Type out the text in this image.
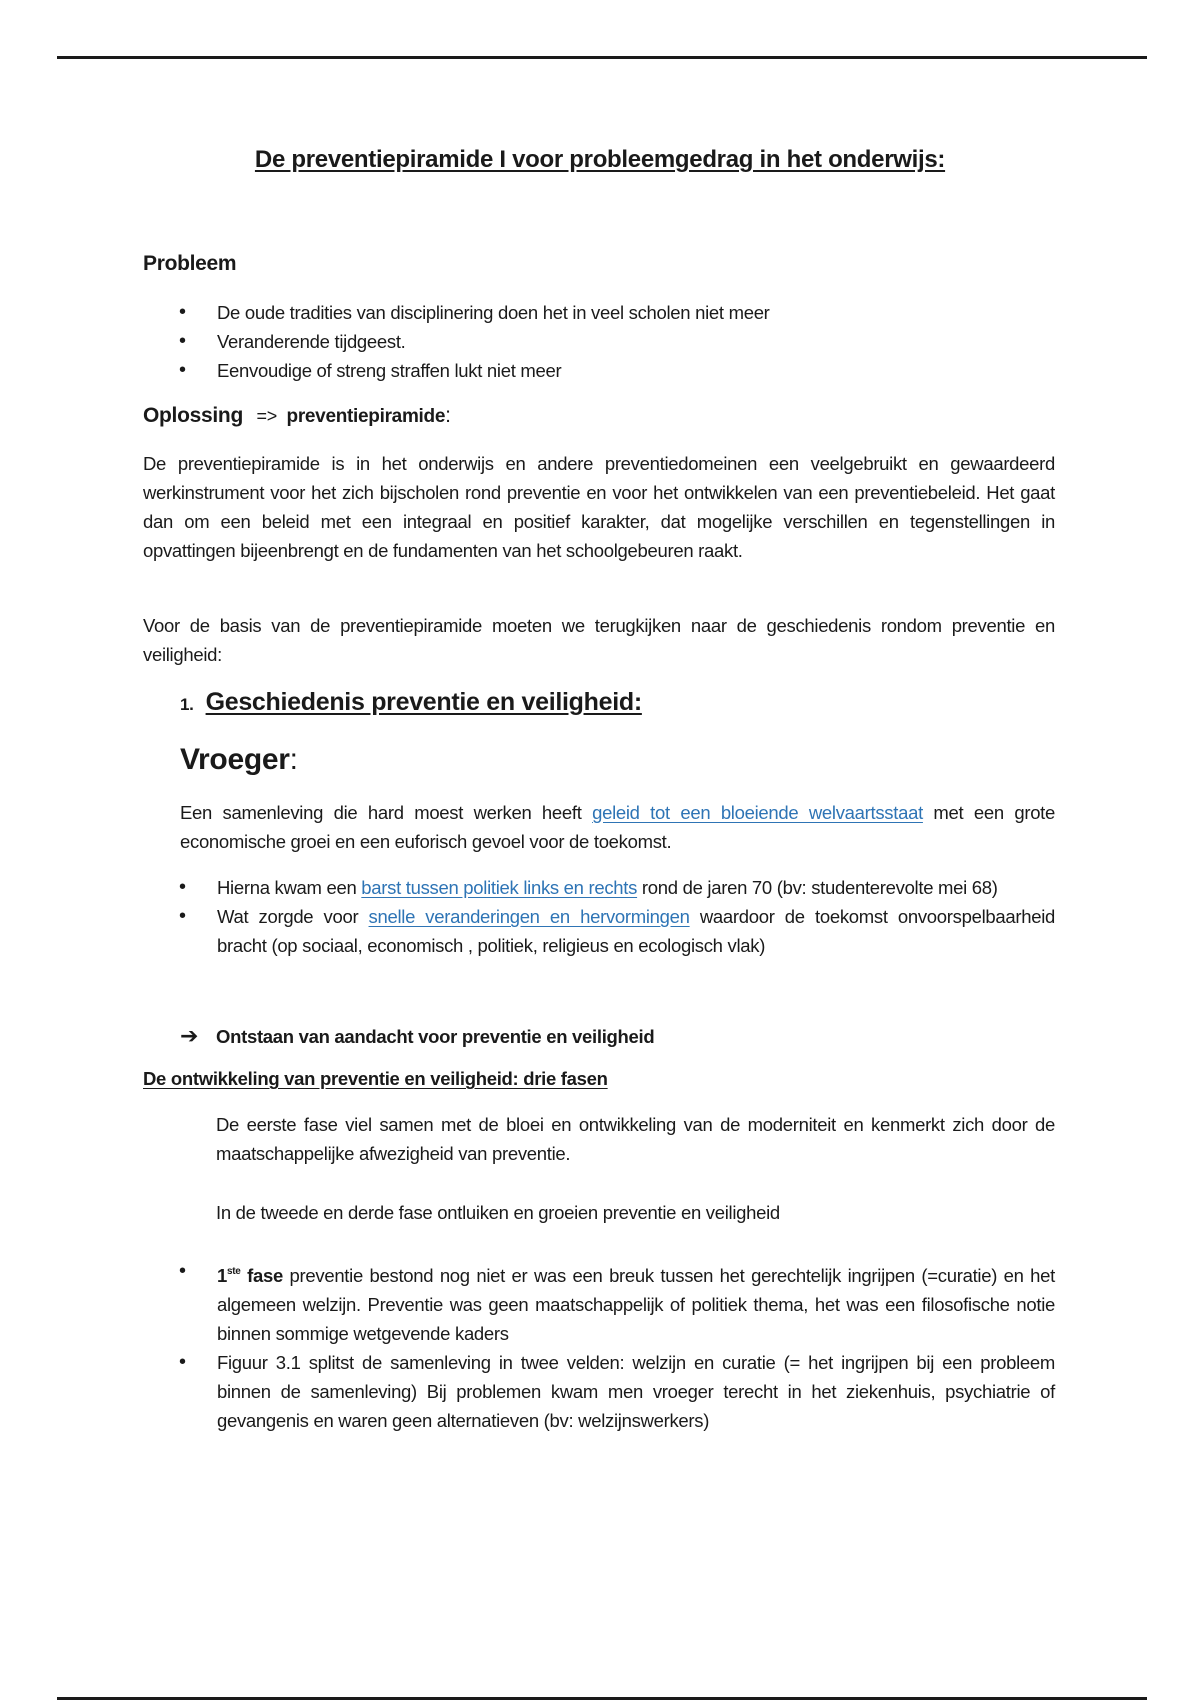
De preventiepiramide I voor probleemgedrag in het onderwijs:
Probleem
• De oude tradities van disciplinering doen het in veel scholen niet meer
• Veranderende tijdgeest.
• Eenvoudige of streng straffen lukt niet meer
Oplossing => preventiepiramide:

De preventiepiramide is in het onderwijs en andere preventiedomeinen een veelgebruikt en gewaardeerd werkinstrument voor het zich bijscholen rond preventie en voor het ontwikkelen van een preventiebeleid. Het gaat dan om een beleid met een integraal en positief karakter, dat mogelijke verschillen en tegenstellingen in opvattingen bijeenbrengt en de fundamenten van het schoolgebeuren raakt.

Voor de basis van de preventiepiramide moeten we terugkijken naar de geschiedenis rondom preventie en veiligheid:

1. Geschiedenis preventie en veiligheid:
Vroeger:

Een samenleving die hard moest werken heeft geleid tot een bloeiende welvaartsstaat met een grote economische groei en een euforisch gevoel voor de toekomst.

• Hierna kwam een barst tussen politiek links en rechts rond de jaren 70 (bv: studenterevolte mei 68)
• Wat zorgde voor snelle veranderingen en hervormingen waardoor de toekomst onvoorspelbaarheid bracht (op sociaal, economisch , politiek, religieus en ecologisch vlak)
➔ Ontstaan van aandacht voor preventie en veiligheid
De ontwikkeling van preventie en veiligheid: drie fasen

De eerste fase viel samen met de bloei en ontwikkeling van de moderniteit en kenmerkt zich door de maatschappelijke afwezigheid van preventie.

In de tweede en derde fase ontluiken en groeien preventie en veiligheid

• 1ste fase preventie bestond nog niet er was een breuk tussen het gerechtelijk ingrijpen (=curatie) en het algemeen welzijn. Preventie was geen maatschappelijk of politiek thema, het was een filosofische notie binnen sommige wetgevende kaders
• Figuur 3.1 splitst de samenleving in twee velden: welzijn en curatie (= het ingrijpen bij een probleem binnen de samenleving) Bij problemen kwam men vroeger terecht in het ziekenhuis, psychiatrie of gevangenis en waren geen alternatieven (bv: welzijnswerkers)
